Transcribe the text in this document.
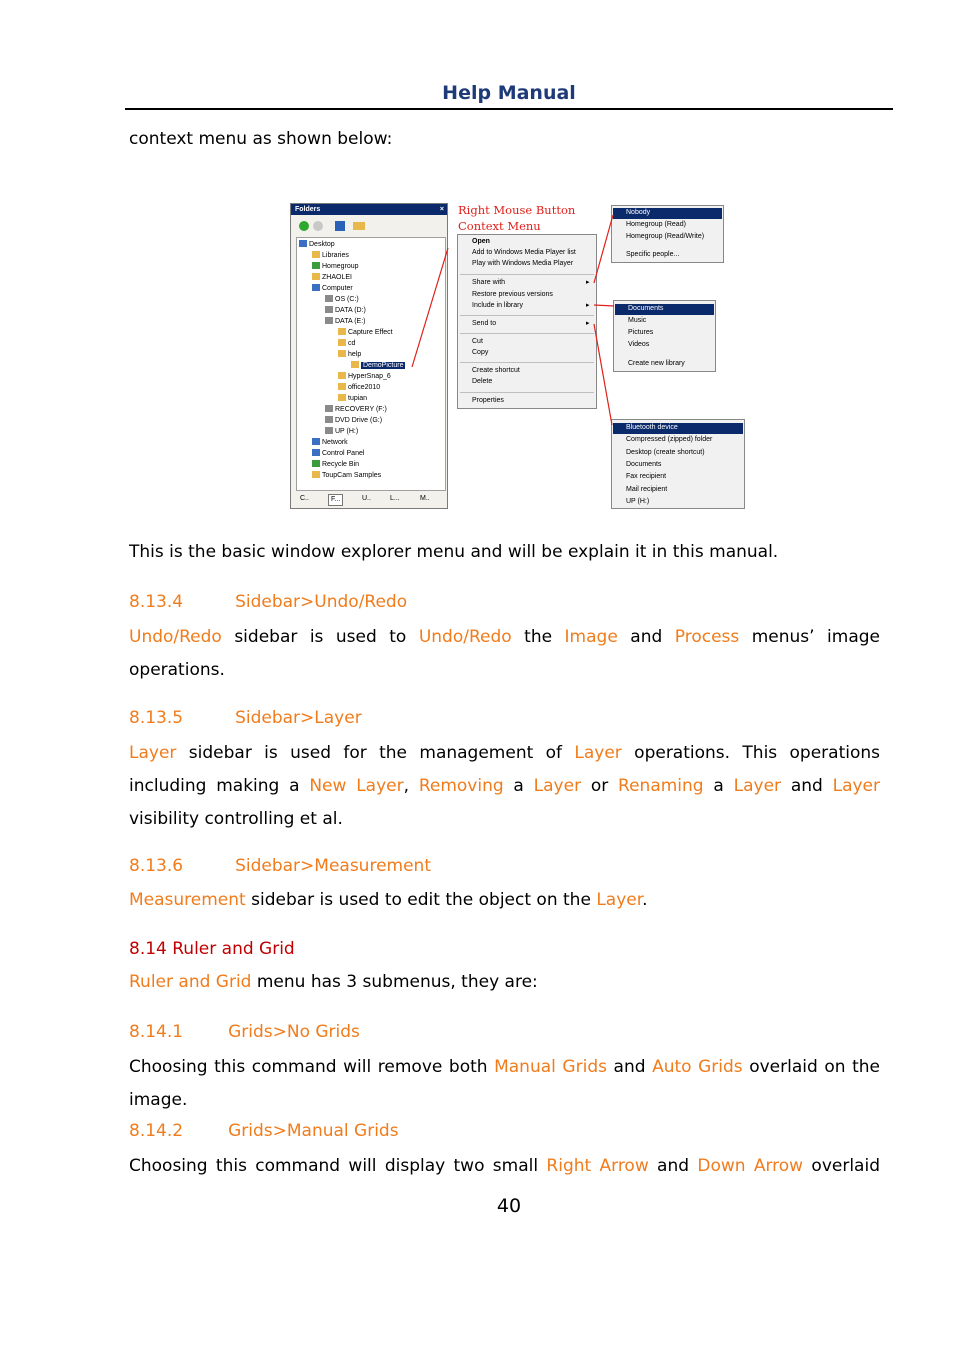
Help Manual
context menu as shown below:
Folders	×
Desktop
Libraries
Homegroup
ZHAOLEI
Computer
OS (C:)
DATA (D:)
DATA (E:)
Capture Effect
cd
help
DemoPicture
HyperSnap_6
office2010
tupian
RECOVERY (F:)
DVD Drive (G:)
UP (H:)
Network
Control Panel
Recycle Bin
ToupCam Samples
C..	F...	U..	L...	M..
Right Mouse Button
Context Menu
Open
Add to Windows Media Player list
Play with Windows Media Player
Share with
Restore previous versions
Include in library
Send to
Cut
Copy
Create shortcut
Delete
Properties
▸
▸
▸
Nobody
Homegroup (Read)
Homegroup (Read/Write)
Specific people...
Documents
Music
Pictures
Videos
Create new library
Bluetooth device
Compressed (zipped) folder
Desktop (create shortcut)
Documents
Fax recipient
Mail recipient
UP (H:)
This is the basic window explorer menu and will be explain it in this manual.
8.13.4	Sidebar>Undo/Redo
Undo/Redo sidebar is used to Undo/Redo the Image and Process menus’ image operations.
8.13.5	Sidebar>Layer
Layer sidebar is used for the management of Layer operations. This operations including making a New Layer, Removing a Layer or Renaming a Layer and Layer visibility controlling et al.
8.13.6	Sidebar>Measurement
Measurement sidebar is used to edit the object on the Layer.
8.14 Ruler and Grid
Ruler and Grid menu has 3 submenus, they are:
8.14.1	Grids>No Grids
Choosing this command will remove both Manual Grids and Auto Grids overlaid on the image.
8.14.2	Grids>Manual Grids
Choosing this command will display two small Right Arrow and Down Arrow overlaid
40
